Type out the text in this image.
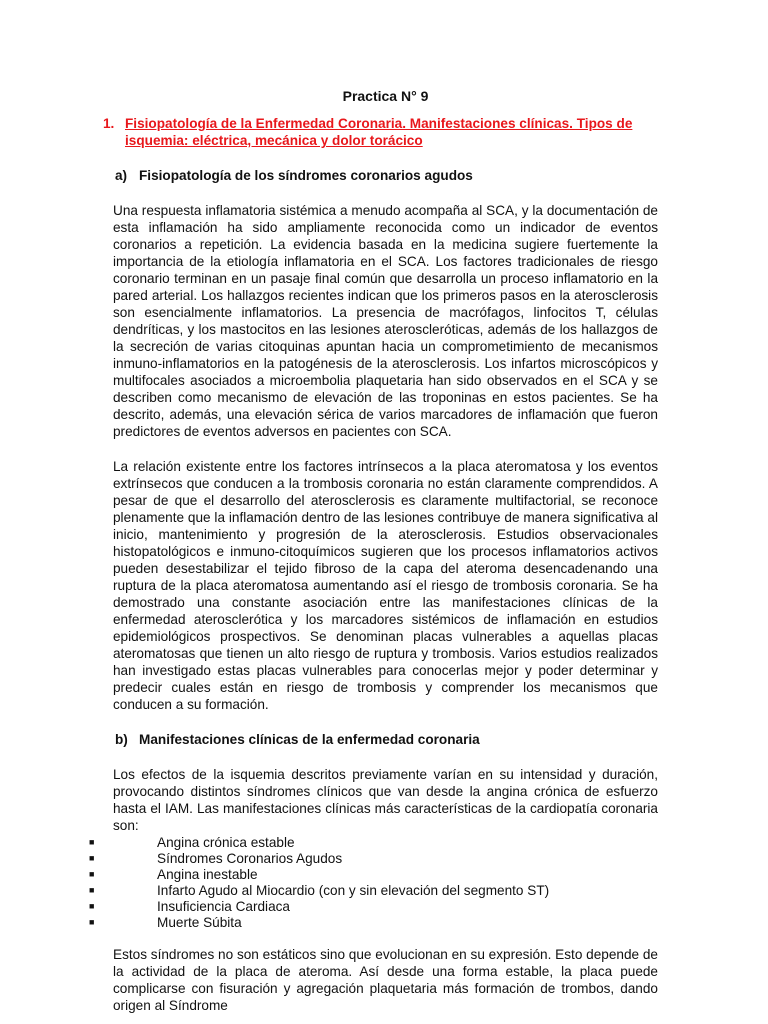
Practica N° 9
1. Fisiopatología de la Enfermedad Coronaria. Manifestaciones clínicas. Tipos de isquemia: eléctrica, mecánica y dolor torácico
a) Fisiopatología de los síndromes coronarios agudos

Una respuesta inflamatoria sistémica a menudo acompaña al SCA, y la documentación de esta inflamación ha sido ampliamente reconocida como un indicador de eventos coronarios a repetición. La evidencia basada en la medicina sugiere fuertemente la importancia de la etiología inflamatoria en el SCA. Los factores tradicionales de riesgo coronario terminan en un pasaje final común que desarrolla un proceso inflamatorio en la pared arterial. Los hallazgos recientes indican que los primeros pasos en la aterosclerosis son esencialmente inflamatorios. La presencia de macrófagos, linfocitos T, células dendríticas, y los mastocitos en las lesiones ateroscleróticas, además de los hallazgos de la secreción de varias citoquinas apuntan hacia un comprometimiento de mecanismos inmuno-inflamatorios en la patogénesis de la aterosclerosis. Los infartos microscópicos y multifocales asociados a microembolia plaquetaria han sido observados en el SCA y se describen como mecanismo de elevación de las troponinas en estos pacientes. Se ha descrito, además, una elevación sérica de varios marcadores de inflamación que fueron predictores de eventos adversos en pacientes con SCA.

La relación existente entre los factores intrínsecos a la placa ateromatosa y los eventos extrínsecos que conducen a la trombosis coronaria no están claramente comprendidos. A pesar de que el desarrollo del aterosclerosis es claramente multifactorial, se reconoce plenamente que la inflamación dentro de las lesiones contribuye de manera significativa al inicio, mantenimiento y progresión de la aterosclerosis. Estudios observacionales histopatológicos e inmuno-citoquímicos sugieren que los procesos inflamatorios activos pueden desestabilizar el tejido fibroso de la capa del ateroma desencadenando una ruptura de la placa ateromatosa aumentando así el riesgo de trombosis coronaria. Se ha demostrado una constante asociación entre las manifestaciones clínicas de la enfermedad aterosclerótica y los marcadores sistémicos de inflamación en estudios epidemiológicos prospectivos. Se denominan placas vulnerables a aquellas placas ateromatosas que tienen un alto riesgo de ruptura y trombosis. Varios estudios realizados han investigado estas placas vulnerables para conocerlas mejor y poder determinar y predecir cuales están en riesgo de trombosis y comprender los mecanismos que conducen a su formación.

b) Manifestaciones clínicas de la enfermedad coronaria

Los efectos de la isquemia descritos previamente varían en su intensidad y duración, provocando distintos síndromes clínicos que van desde la angina crónica de esfuerzo hasta el IAM. Las manifestaciones clínicas más características de la cardiopatía coronaria son:

■	Angina crónica estable
■	Síndromes Coronarios Agudos
■	Angina inestable
■	Infarto Agudo al Miocardio (con y sin elevación del segmento ST)
■	Insuficiencia Cardiaca
■	Muerte Súbita

Estos síndromes no son estáticos sino que evolucionan en su expresión. Esto depende de la actividad de la placa de ateroma. Así desde una forma estable, la placa puede complicarse con fisuración y agregación plaquetaria más formación de trombos, dando origen al Síndrome
